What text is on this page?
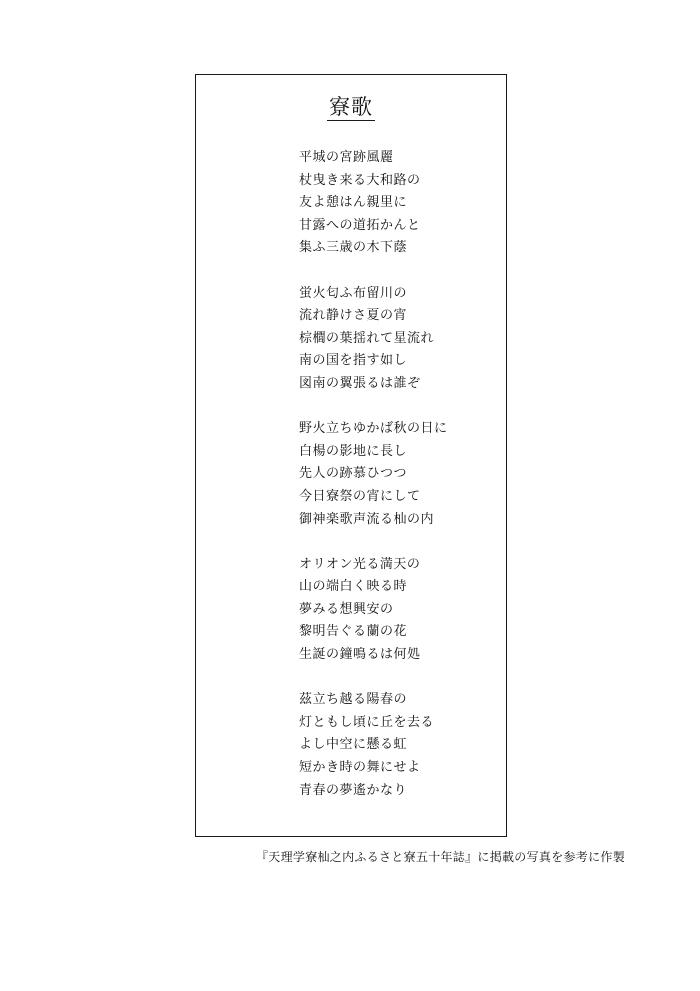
寮歌
平城の宮跡風麗
杖曳き来る大和路の
友よ憩はん親里に
甘露への道拓かんと
集ふ三歳の木下蔭
蛍火匂ふ布留川の
流れ静けさ夏の宵
棕櫚の葉揺れて星流れ
南の国を指す如し
図南の翼張るは誰ぞ
野火立ちゆかば秋の日に
白楊の影地に長し
先人の跡慕ひつつ
今日寮祭の宵にして
御神楽歌声流る杣の内
オリオン光る満天の
山の端白く映る時
夢みる想興安の
黎明告ぐる蘭の花
生誕の鐘鳴るは何処
茲立ち越る陽春の
灯ともし頃に丘を去る
よし中空に懸る虹
短かき時の舞にせよ
青春の夢遙かなり
『天理学寮杣之内ふるさと寮五十年誌』に掲載の写真を参考に作製
